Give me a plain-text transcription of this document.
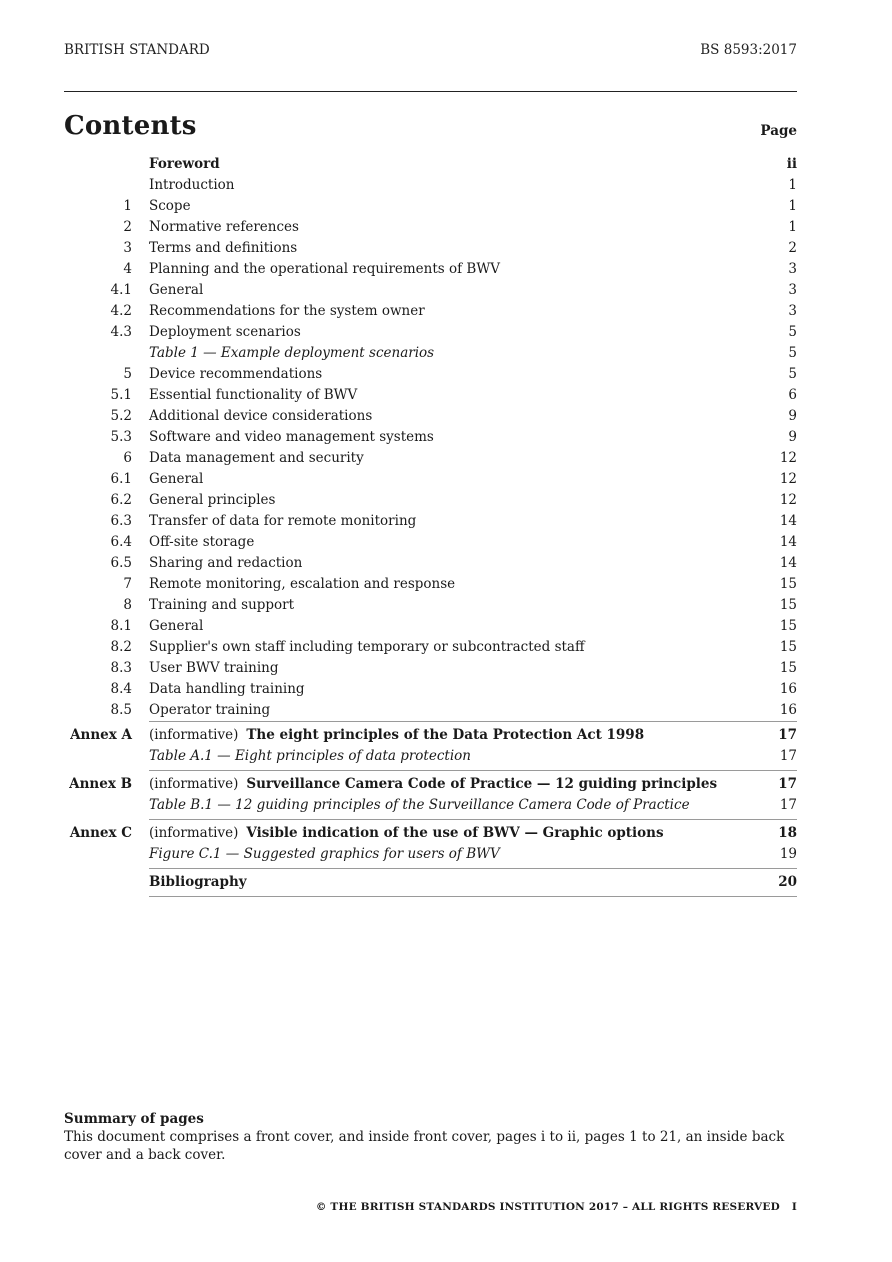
BRITISH STANDARD	BS 8593:2017
Contents	Page
Foreword	ii
Introduction	1
1 Scope	1
2 Normative references	1
3 Terms and definitions	2
4 Planning and the operational requirements of BWV	3
4.1 General	3
4.2 Recommendations for the system owner	3
4.3 Deployment scenarios	5
Table 1 — Example deployment scenarios	5
5 Device recommendations	5
5.1 Essential functionality of BWV	6
5.2 Additional device considerations	9
5.3 Software and video management systems	9
6 Data management and security	12
6.1 General	12
6.2 General principles	12
6.3 Transfer of data for remote monitoring	14
6.4 Off-site storage	14
6.5 Sharing and redaction	14
7 Remote monitoring, escalation and response	15
8 Training and support	15
8.1 General	15
8.2 Supplier's own staff including temporary or subcontracted staff	15
8.3 User BWV training	15
8.4 Data handling training	16
8.5 Operator training	16
Annex A (informative) The eight principles of the Data Protection Act 1998	17
Table A.1 — Eight principles of data protection	17
Annex B (informative) Surveillance Camera Code of Practice — 12 guiding principles	17
Table B.1 — 12 guiding principles of the Surveillance Camera Code of Practice	17
Annex C (informative) Visible indication of the use of BWV — Graphic options	18
Figure C.1 — Suggested graphics for users of BWV	19
Bibliography	20
Summary of pages
This document comprises a front cover, and inside front cover, pages i to ii, pages 1 to 21, an inside back cover and a back cover.
© THE BRITISH STANDARDS INSTITUTION 2017 – ALL RIGHTS RESERVED I
